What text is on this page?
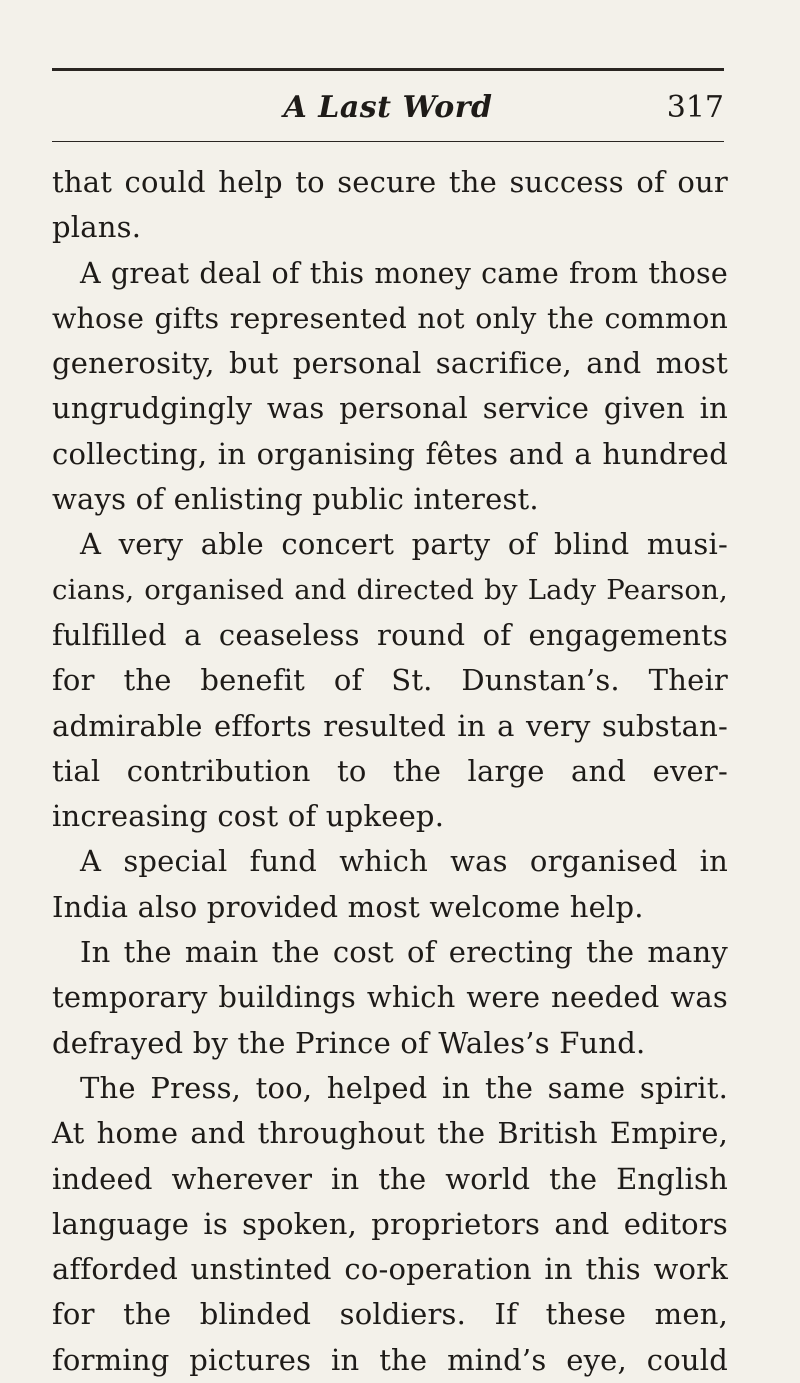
A Last Word	317

that could help to secure the success of our
plans.

A great deal of this money came from those
whose gifts represented not only the common
generosity, but personal sacrifice, and most
ungrudgingly was personal service given in
collecting, in organising fêtes and a hundred
ways of enlisting public interest.

A very able concert party of blind musi-
cians, organised and directed by Lady Pearson,
fulfilled a ceaseless round of engagements
for the benefit of St. Dunstan’s. Their
admirable efforts resulted in a very substan-
tial contribution to the large and ever-
increasing cost of upkeep.

A special fund which was organised in
India also provided most welcome help.

In the main the cost of erecting the many
temporary buildings which were needed was
defrayed by the Prince of Wales’s Fund.

The Press, too, helped in the same spirit.
At home and throughout the British Empire,
indeed wherever in the world the English
language is spoken, proprietors and editors
afforded unstinted co-operation in this work
for the blinded soldiers. If these men,
forming pictures in the mind’s eye, could
